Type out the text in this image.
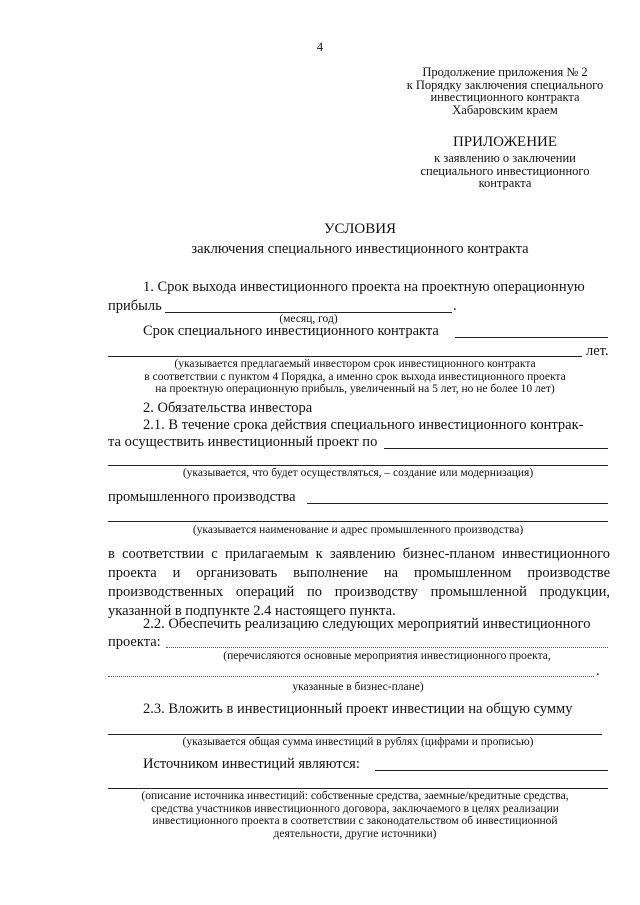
4
Продолжение приложения № 2
к Порядку заключения специального
инвестиционного контракта
Хабаровским краем
ПРИЛОЖЕНИЕ
к заявлению о заключении
специального инвестиционного
контракта
УСЛОВИЯ
заключения специального инвестиционного контракта
1. Срок выхода инвестиционного проекта на проектную операционную
прибыль	.
(месяц, год)
Срок специального инвестиционного контракта
лет.
(указывается предлагаемый инвестором срок инвестиционного контракта
в соответствии с пунктом 4 Порядка, а именно срок выхода инвестиционного проекта
на проектную операционную прибыль, увеличенный на 5 лет, но не более 10 лет)
2. Обязательства инвестора
2.1. В течение срока действия специального инвестиционного контрак-
та осуществить инвестиционный проект по
(указывается, что будет осуществляться, – создание или модернизация)
промышленного производства
(указывается наименование и адрес промышленного производства)
в соответствии с прилагаемым к заявлению бизнес-планом инвестиционного проекта и организовать выполнение на промышленном производстве производственных операций по производству промышленной продукции, указанной в подпункте 2.4 настоящего пункта.
2.2. Обеспечить реализацию следующих мероприятий инвестиционного
проекта:
(перечисляются основные мероприятия инвестиционного проекта,
.
указанные в бизнес-плане)
2.3. Вложить в инвестиционный проект инвестиции на общую сумму
(указывается общая сумма инвестиций в рублях (цифрами и прописью)
Источником инвестиций являются:
(описание источника инвестиций: собственные средства, заемные/кредитные средства,
средства участников инвестиционного договора, заключаемого в целях реализации
инвестиционного проекта в соответствии с законодательством об инвестиционной
деятельности, другие источники)
